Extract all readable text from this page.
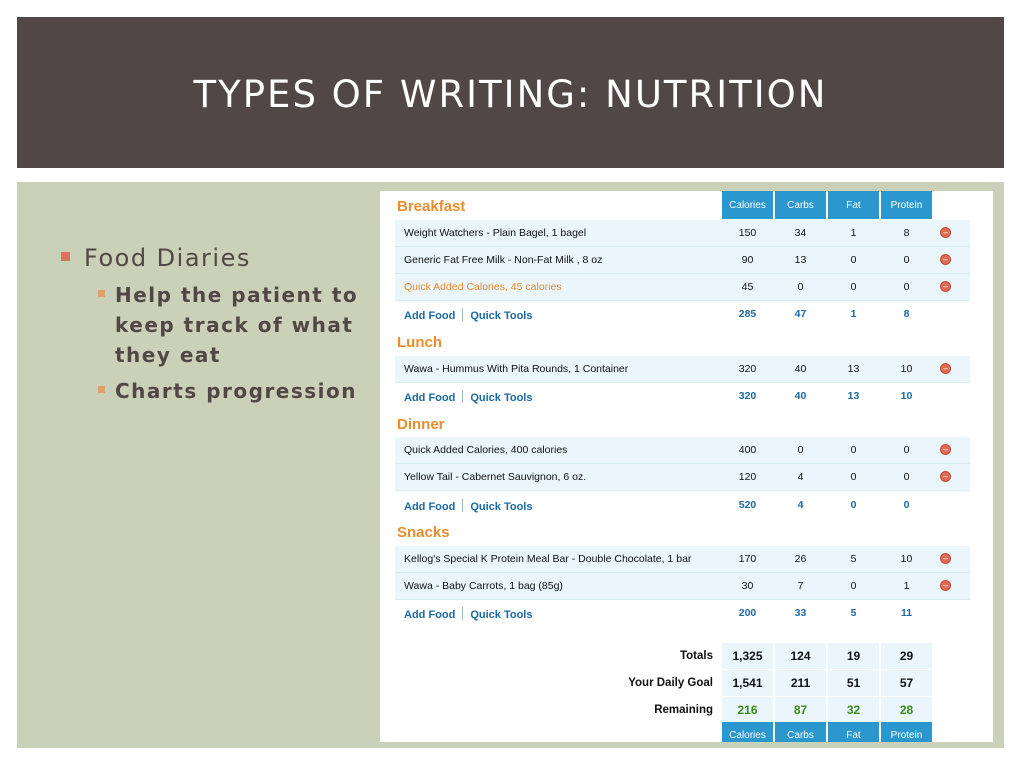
TYPES OF WRITING: NUTRITION
Food Diaries
Help the patient to keep track of what they eat
Charts progression
Calories	Carbs	Fat	Protein
Breakfast
Weight Watchers - Plain Bagel, 1 bagel	150	34	1	8	–
Generic Fat Free Milk - Non-Fat Milk , 8 oz	90	13	0	0	–
Quick Added Calories, 45 calories	45	0	0	0	–
Add Food Quick Tools	285	47	1	8
Lunch
Wawa - Hummus With Pita Rounds, 1 Container	320	40	13	10	–
Add Food Quick Tools	320	40	13	10
Dinner
Quick Added Calories, 400 calories	400	0	0	0	–
Yellow Tail - Cabernet Sauvignon, 6 oz.	120	4	0	0	–
Add Food Quick Tools	520	4	0	0
Snacks
Kellog's Special K Protein Meal Bar - Double Chocolate, 1 bar	170	26	5	10	–
Wawa - Baby Carrots, 1 bag (85g)	30	7	0	1	–
Add Food Quick Tools	200	33	5	11
Totals	1,325	124	19	29
Your Daily Goal	1,541	211	51	57
Remaining	216	87	32	28
Calories	Carbs	Fat	Protein
